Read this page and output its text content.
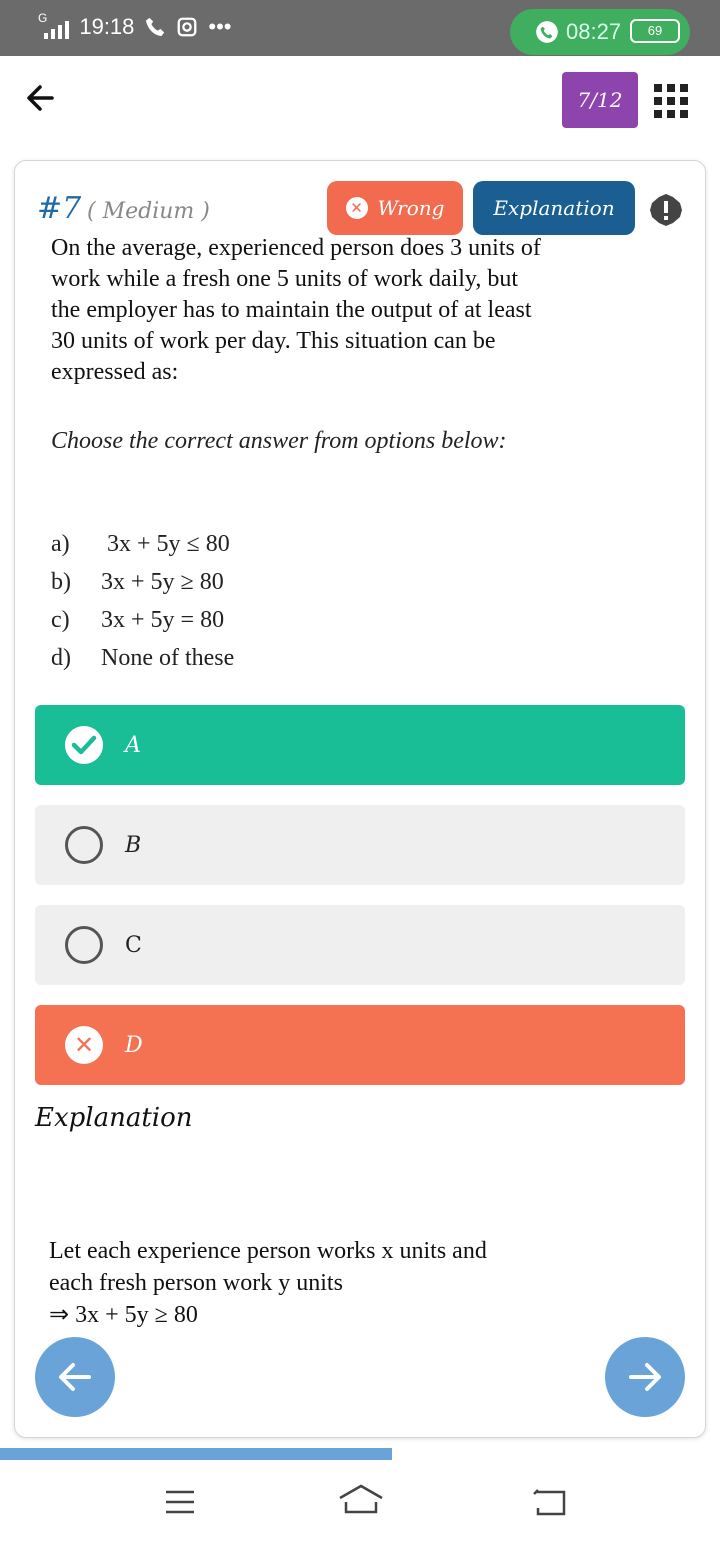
G 19:18	•••	08:27	69
7/12
#7 ( Medium )	✕ Wrong	Explanation
On the average, experienced person does 3 units of work while a fresh one 5 units of work daily, but the employer has to maintain the output of at least 30 units of work per day. This situation can be expressed as:
Choose the correct answer from options below:
a)	3x + 5y ≤ 80
b)	3x + 5y ≥ 80
c)	3x + 5y = 80
d)	None of these
A
B
C
✕	D
Explanation
Let each experience person works x units and
each fresh person work y units
⇒ 3x + 5y ≥ 80
